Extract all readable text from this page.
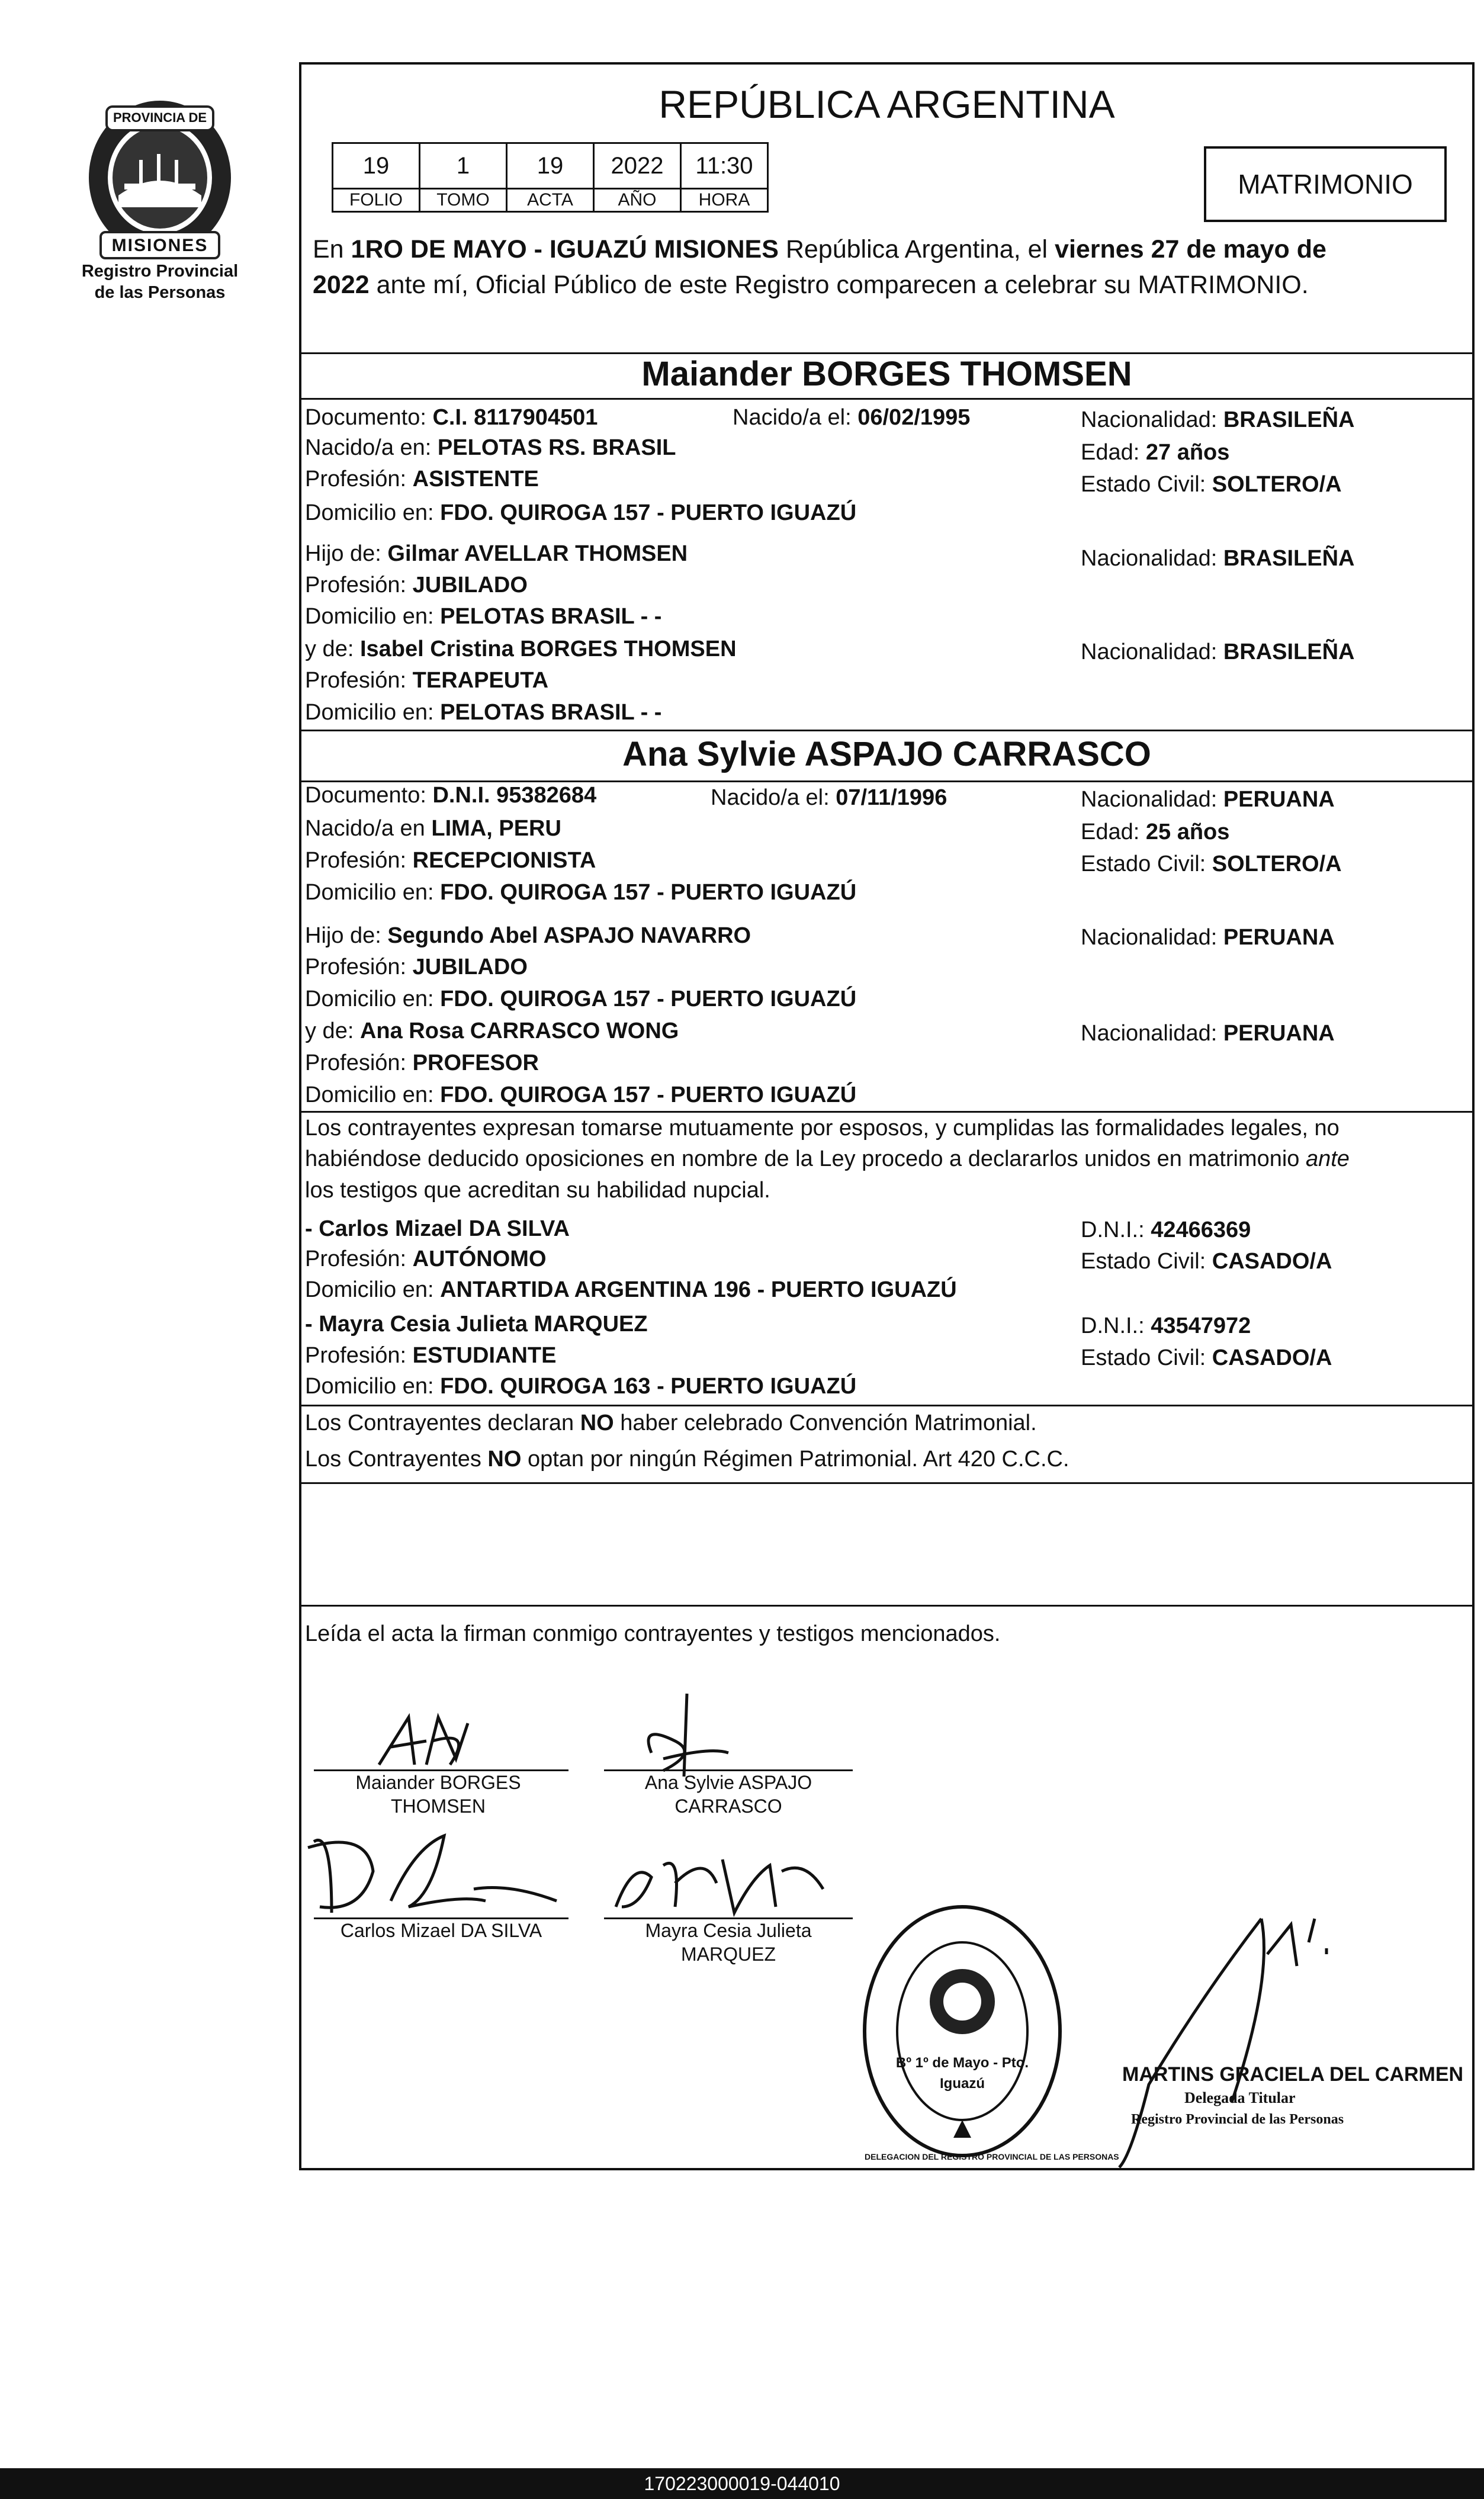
PROVINCIA DE
MISIONES
Registro Provincial
de las Personas
REPÚBLICA ARGENTINA
19	1	19	2022	11:30
FOLIO	TOMO	ACTA	AÑO	HORA
MATRIMONIO
En 1RO DE MAYO - IGUAZÚ MISIONES República Argentina, el viernes 27 de mayo de
2022 ante mí, Oficial Público de este Registro comparecen a celebrar su MATRIMONIO.
Maiander BORGES THOMSEN
Documento: C.I. 8117904501	Nacido/a el: 06/02/1995	Nacionalidad: BRASILEÑA
Nacido/a en: PELOTAS RS. BRASIL	Edad: 27 años
Profesión: ASISTENTE	Estado Civil: SOLTERO/A
Domicilio en: FDO. QUIROGA 157 - PUERTO IGUAZÚ
Hijo de: Gilmar AVELLAR THOMSEN	Nacionalidad: BRASILEÑA
Profesión: JUBILADO
Domicilio en: PELOTAS BRASIL - -
y de: Isabel Cristina BORGES THOMSEN	Nacionalidad: BRASILEÑA
Profesión: TERAPEUTA
Domicilio en: PELOTAS BRASIL - -
Ana Sylvie ASPAJO CARRASCO
Documento: D.N.I. 95382684	Nacido/a el: 07/11/1996	Nacionalidad: PERUANA
Nacido/a en LIMA, PERU	Edad: 25 años
Profesión: RECEPCIONISTA	Estado Civil: SOLTERO/A
Domicilio en: FDO. QUIROGA 157 - PUERTO IGUAZÚ
Hijo de: Segundo Abel ASPAJO NAVARRO	Nacionalidad: PERUANA
Profesión: JUBILADO
Domicilio en: FDO. QUIROGA 157 - PUERTO IGUAZÚ
y de: Ana Rosa CARRASCO WONG	Nacionalidad: PERUANA
Profesión: PROFESOR
Domicilio en: FDO. QUIROGA 157 - PUERTO IGUAZÚ
Los contrayentes expresan tomarse mutuamente por esposos, y cumplidas las formalidades legales, no
habiéndose deducido oposiciones en nombre de la Ley procedo a declararlos unidos en matrimonio ante
los testigos que acreditan su habilidad nupcial.
- Carlos Mizael DA SILVA	D.N.I.: 42466369
Profesión: AUTÓNOMO	Estado Civil: CASADO/A
Domicilio en: ANTARTIDA ARGENTINA 196 - PUERTO IGUAZÚ
- Mayra Cesia Julieta MARQUEZ	D.N.I.: 43547972
Profesión: ESTUDIANTE	Estado Civil: CASADO/A
Domicilio en: FDO. QUIROGA 163 - PUERTO IGUAZÚ
Los Contrayentes declaran NO haber celebrado Convención Matrimonial.
Los Contrayentes NO optan por ningún Régimen Patrimonial. Art 420 C.C.C.
Leída el acta la firman conmigo contrayentes y testigos mencionados.
Maiander BORGES
THOMSEN
Ana Sylvie ASPAJO
CARRASCO
Carlos Mizael DA SILVA	Mayra Cesia Julieta
MARQUEZ
DELEGACION DEL REGISTRO PROVINCIAL DE LAS PERSONAS
Bº 1º de Mayo - Pto.
Iguazú	MARTINS GRACIELA DEL CARMEN
Delegada Titular
Registro Provincial de las Personas
170223000019-044010
